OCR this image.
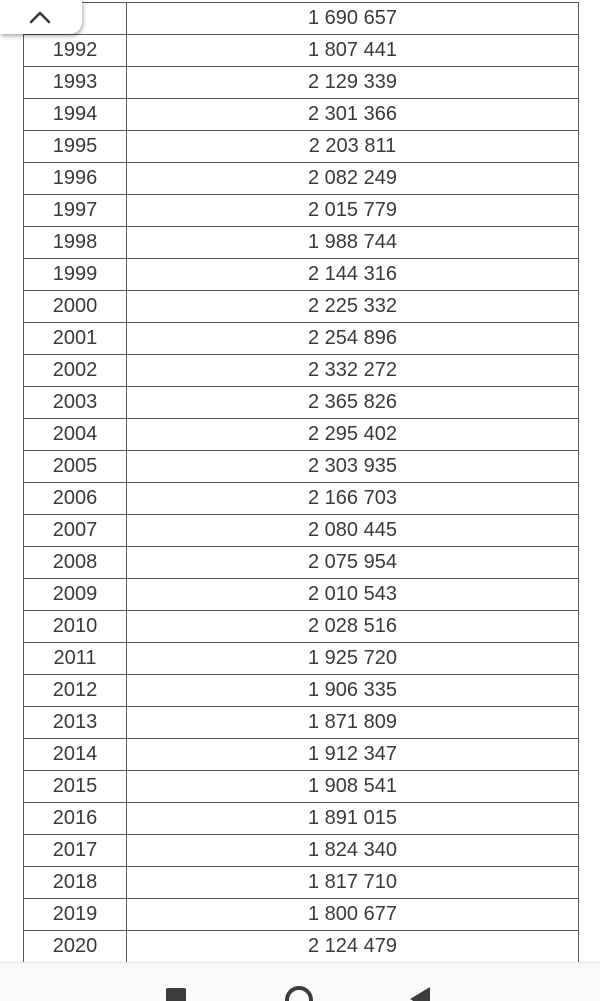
	1 690 657
1992	1 807 441
1993	2 129 339
1994	2 301 366
1995	2 203 811
1996	2 082 249
1997	2 015 779
1998	1 988 744
1999	2 144 316
2000	2 225 332
2001	2 254 896
2002	2 332 272
2003	2 365 826
2004	2 295 402
2005	2 303 935
2006	2 166 703
2007	2 080 445
2008	2 075 954
2009	2 010 543
2010	2 028 516
2011	1 925 720
2012	1 906 335
2013	1 871 809
2014	1 912 347
2015	1 908 541
2016	1 891 015
2017	1 824 340
2018	1 817 710
2019	1 800 677
2020	2 124 479
